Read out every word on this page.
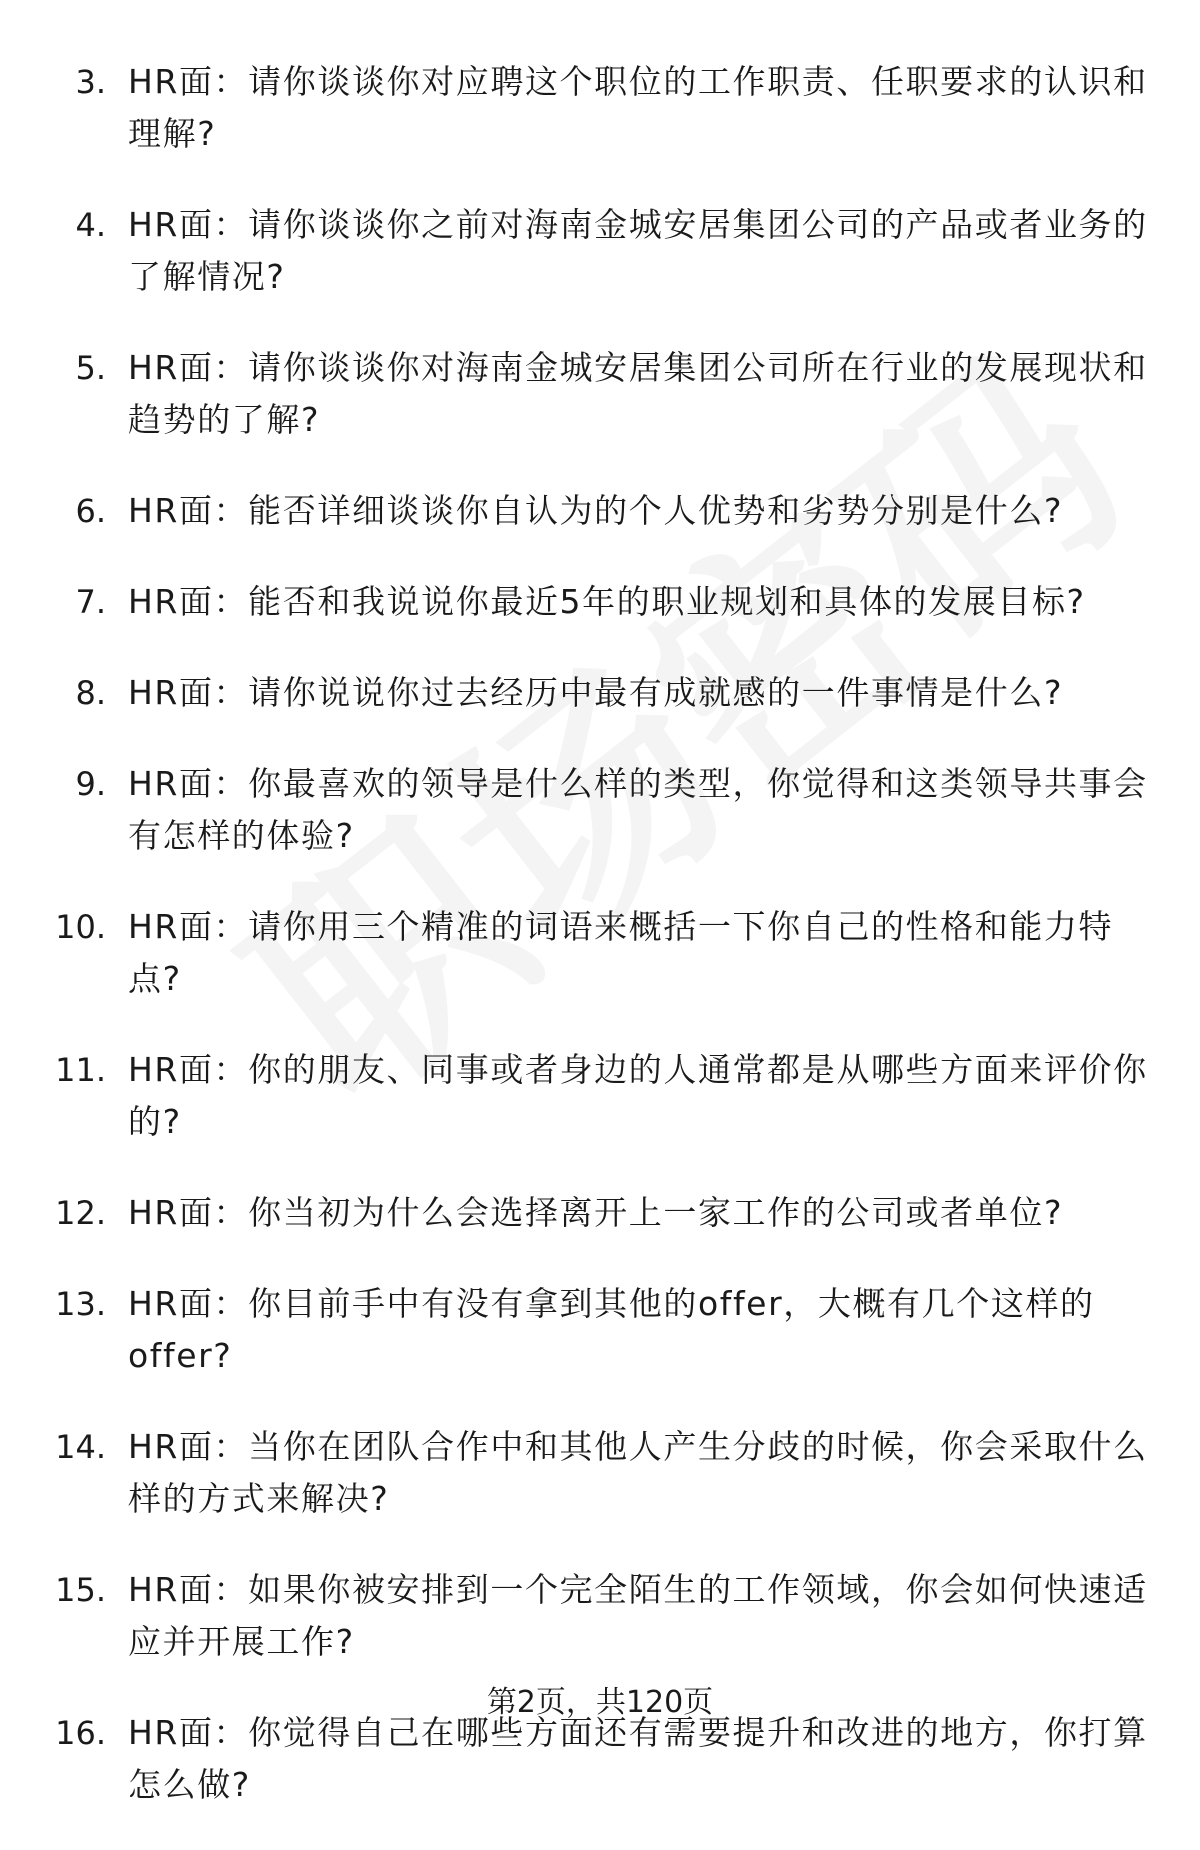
3. HR面：请你谈谈你对应聘这个职位的工作职责、任职要求的认识和理解?
4. HR面：请你谈谈你之前对海南金城安居集团公司的产品或者业务的了解情况?
5. HR面：请你谈谈你对海南金城安居集团公司所在行业的发展现状和趋势的了解?
6. HR面：能否详细谈谈你自认为的个人优势和劣势分别是什么?
7. HR面：能否和我说说你最近5年的职业规划和具体的发展目标?
8. HR面：请你说说你过去经历中最有成就感的一件事情是什么?
9. HR面：你最喜欢的领导是什么样的类型，你觉得和这类领导共事会有怎样的体验?
10. HR面：请你用三个精准的词语来概括一下你自己的性格和能力特点?
11. HR面：你的朋友、同事或者身边的人通常都是从哪些方面来评价你的?
12. HR面：你当初为什么会选择离开上一家工作的公司或者单位?
13. HR面：你目前手中有没有拿到其他的offer，大概有几个这样的offer?
14. HR面：当你在团队合作中和其他人产生分歧的时候，你会采取什么样的方式来解决?
15. HR面：如果你被安排到一个完全陌生的工作领域，你会如何快速适应并开展工作?
16. HR面：你觉得自己在哪些方面还有需要提升和改进的地方，你打算怎么做?
第2页，共120页
